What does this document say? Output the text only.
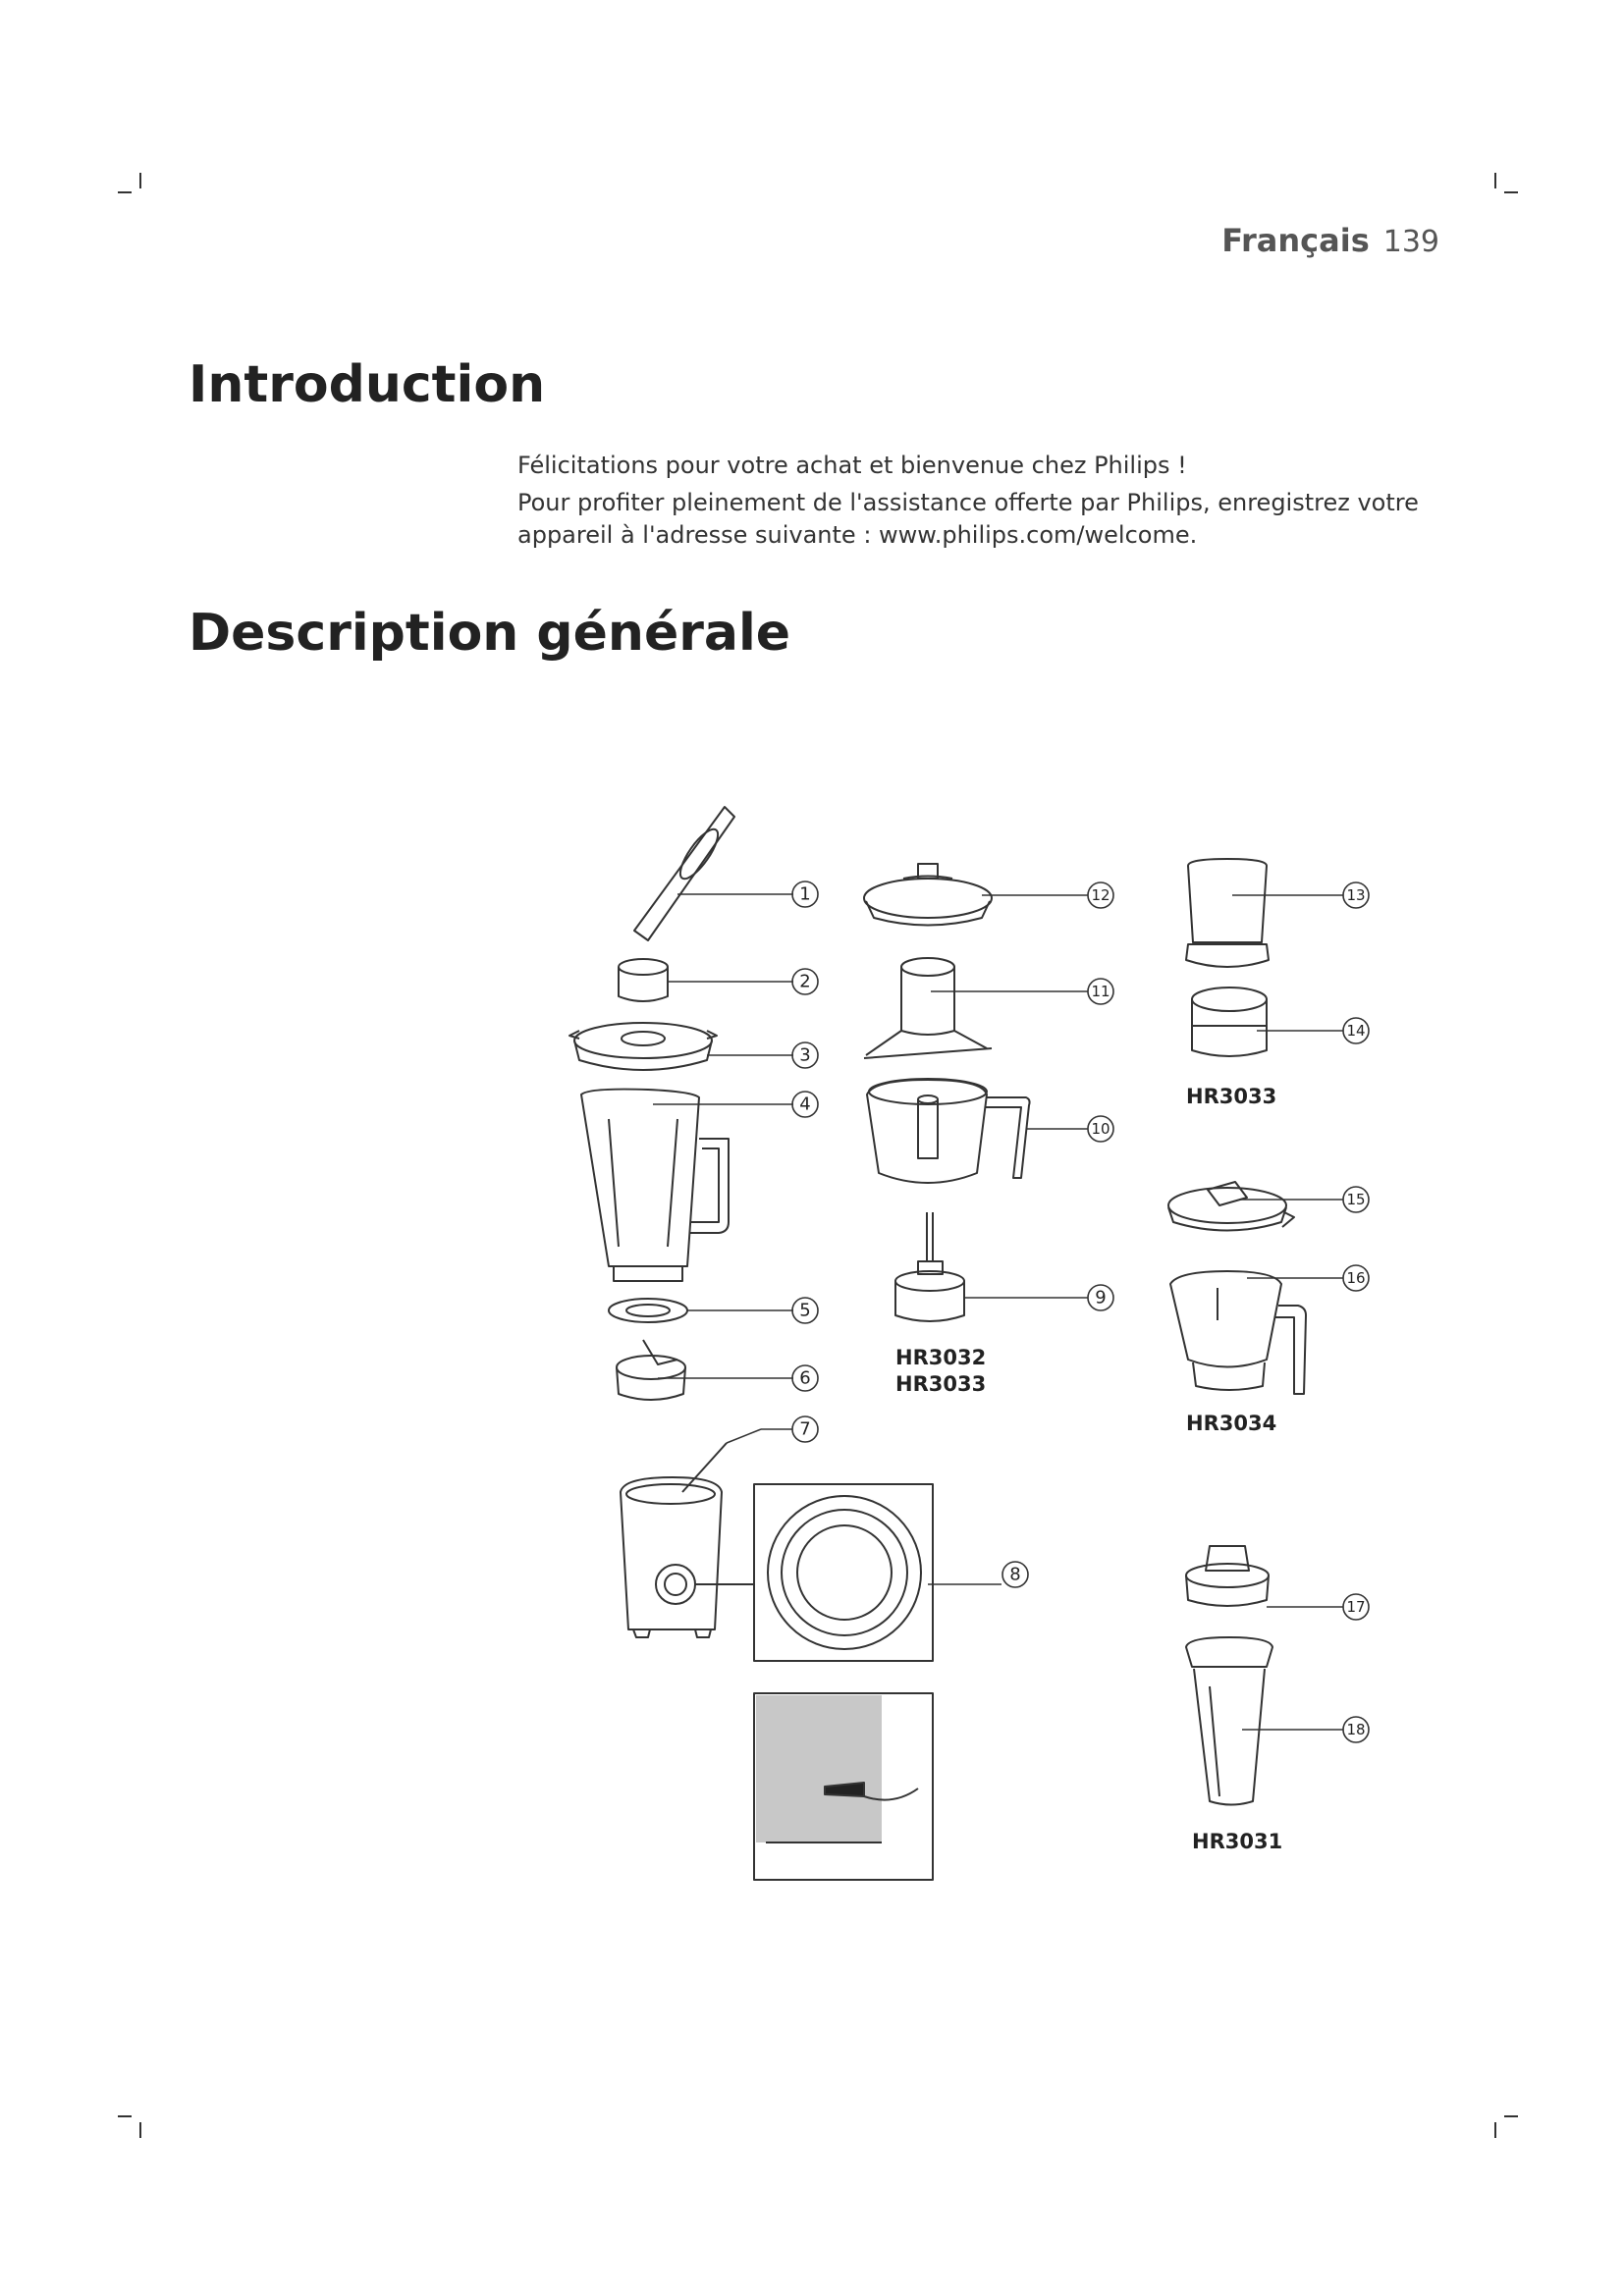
Français 139
Introduction

Félicitations pour votre achat et bienvenue chez Philips !

Pour profiter pleinement de l'assistance offerte par Philips, enregistrez votre appareil à l'adresse suivante : www.philips.com/welcome.

Description générale
1
2
3
4
5
6
7
8
9
10
11
12	13
14
15
16
17
18
HR3032
HR3033
HR3033
HR3034
HR3031
